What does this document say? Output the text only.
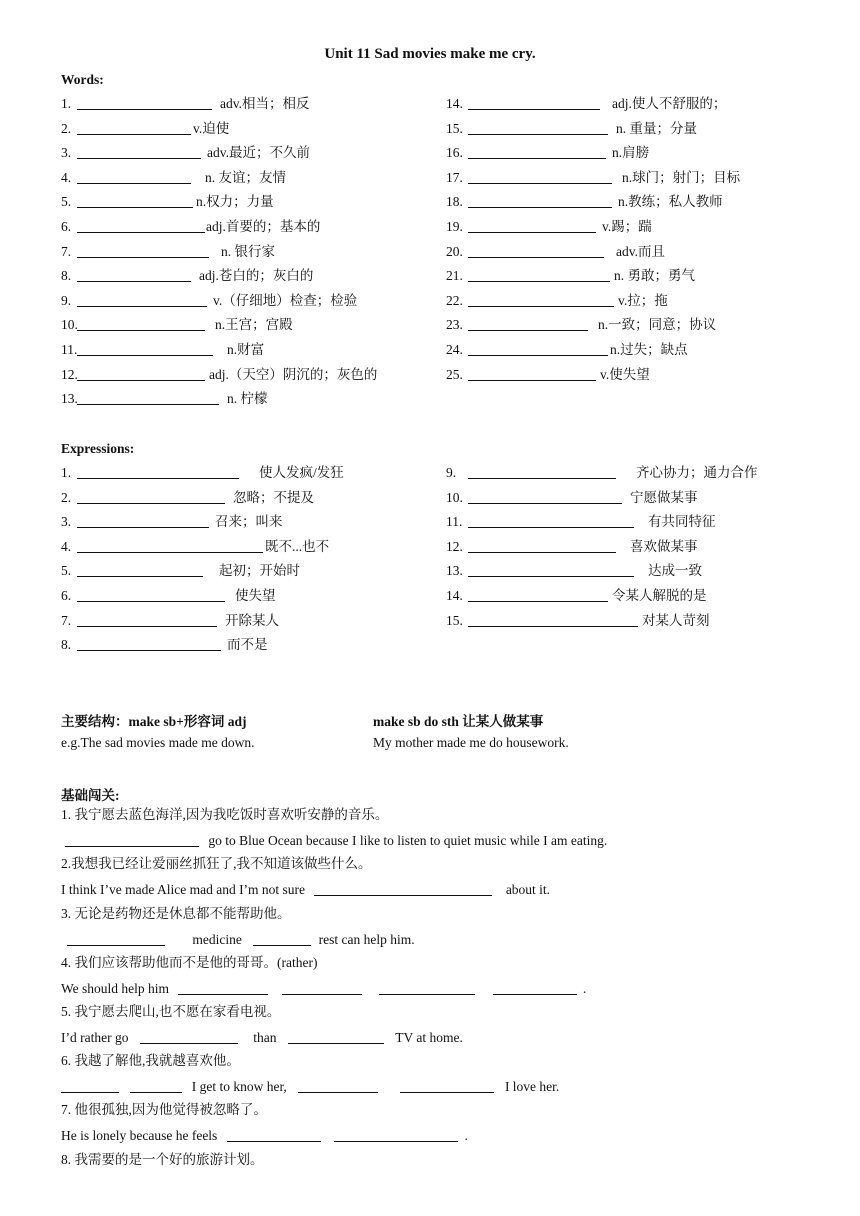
Unit 11 Sad movies make me cry.
Words:
1.	adv.相当；相反
2.	v.迫使
3.	adv.最近；不久前
4.	n. 友谊；友情
5.	n.权力；力量
6.	adj.首要的；基本的
7.	n. 银行家
8.	adj.苍白的；灰白的
9.	v.（仔细地）检查；检验
10.	n.王宫；宫殿
11.	n.财富
12.	adj.（天空）阴沉的；灰色的
13.	n. 柠檬
14.	adj.使人不舒服的；
15.	n. 重量；分量
16.	n.肩膀
17.	n.球门；射门；目标
18.	n.教练；私人教师
19.	v.踢；踹
20.	adv.而且
21.	n. 勇敢；勇气
22.	v.拉；拖
23.	n.一致；同意；协议
24.	n.过失；缺点
25.	v.使失望
Expressions:
1.	使人发疯/发狂
2.	忽略；不提及
3.	召来；叫来
4.	既不...也不
5.	起初；开始时
6.	使失望
7.	开除某人
8.	而不是
9.	齐心协力；通力合作
10.	宁愿做某事
11.	有共同特征
12.	喜欢做某事
13.	达成一致
14.	令某人解脱的是
15.	对某人苛刻
主要结构：make sb+形容词 adj	make sb do sth 让某人做某事
e.g.The sad movies made me down.	My mother made me do housework.
基础闯关:
1. 我宁愿去蓝色海洋,因为我吃饭时喜欢听安静的音乐。
go to Blue Ocean because I like to listen to quiet music while I am eating.
2.我想我已经让爱丽丝抓狂了,我不知道该做些什么。
I think I’ve made Alice mad and I’m not sure	about it.
3. 无论是药物还是休息都不能帮助他。
medicine	rest can help him.
4. 我们应该帮助他而不是他的哥哥。(rather)
We should help him	.
5. 我宁愿去爬山,也不愿在家看电视。
I’d rather go	than	TV at home.
6. 我越了解他,我就越喜欢他。
I get to know her,	I love her.
7. 他很孤独,因为他觉得被忽略了。
He is lonely because he feels	.
8. 我需要的是一个好的旅游计划。
